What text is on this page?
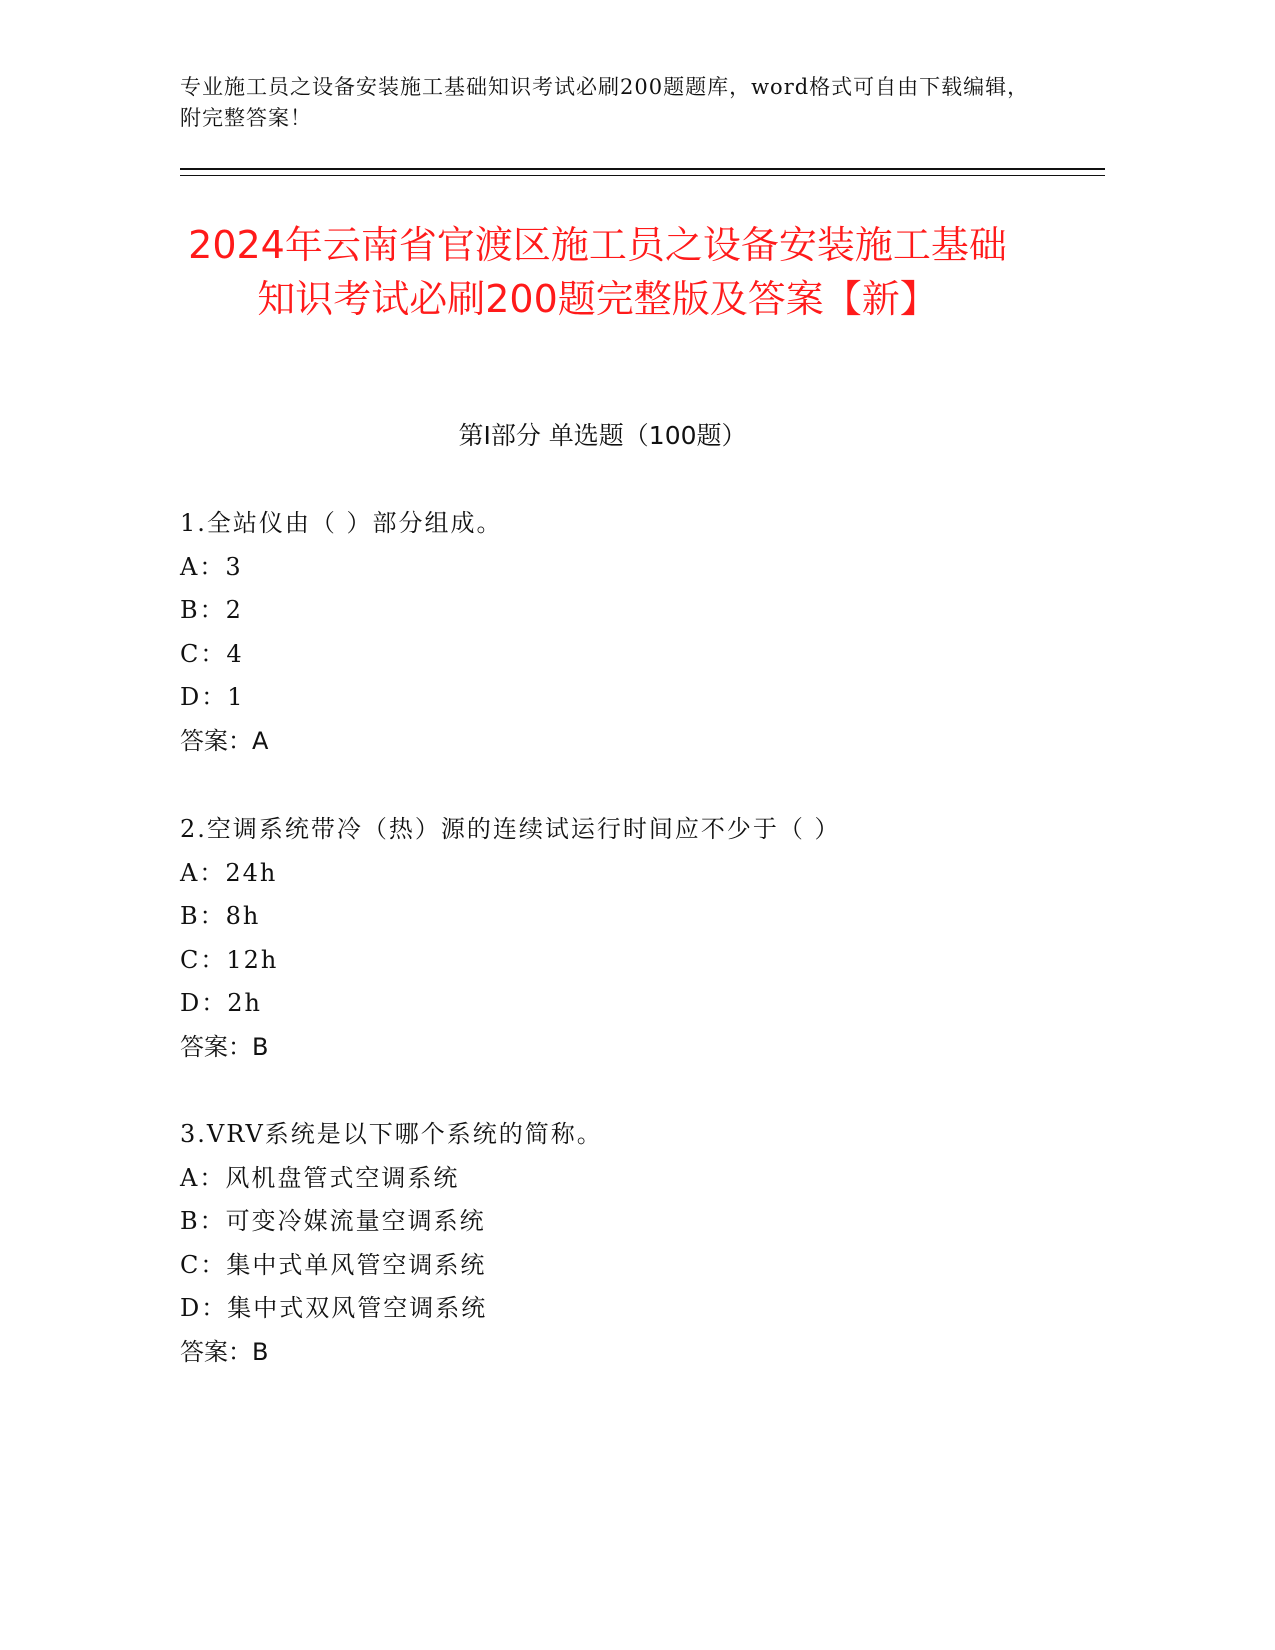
专业施工员之设备安装施工基础知识考试必刷200题题库，word格式可自由下载编辑，附完整答案！
2024年云南省官渡区施工员之设备安装施工基础知识考试必刷200题完整版及答案【新】
第I部分 单选题（100题）
1.全站仪由（ ）部分组成。
A：3
B：2
C：4
D：1
答案：A
2.空调系统带冷（热）源的连续试运行时间应不少于（ ）
A：24h
B：8h
C：12h
D：2h
答案：B
3.VRV系统是以下哪个系统的简称。
A：风机盘管式空调系统
B：可变冷媒流量空调系统
C：集中式单风管空调系统
D：集中式双风管空调系统
答案：B
